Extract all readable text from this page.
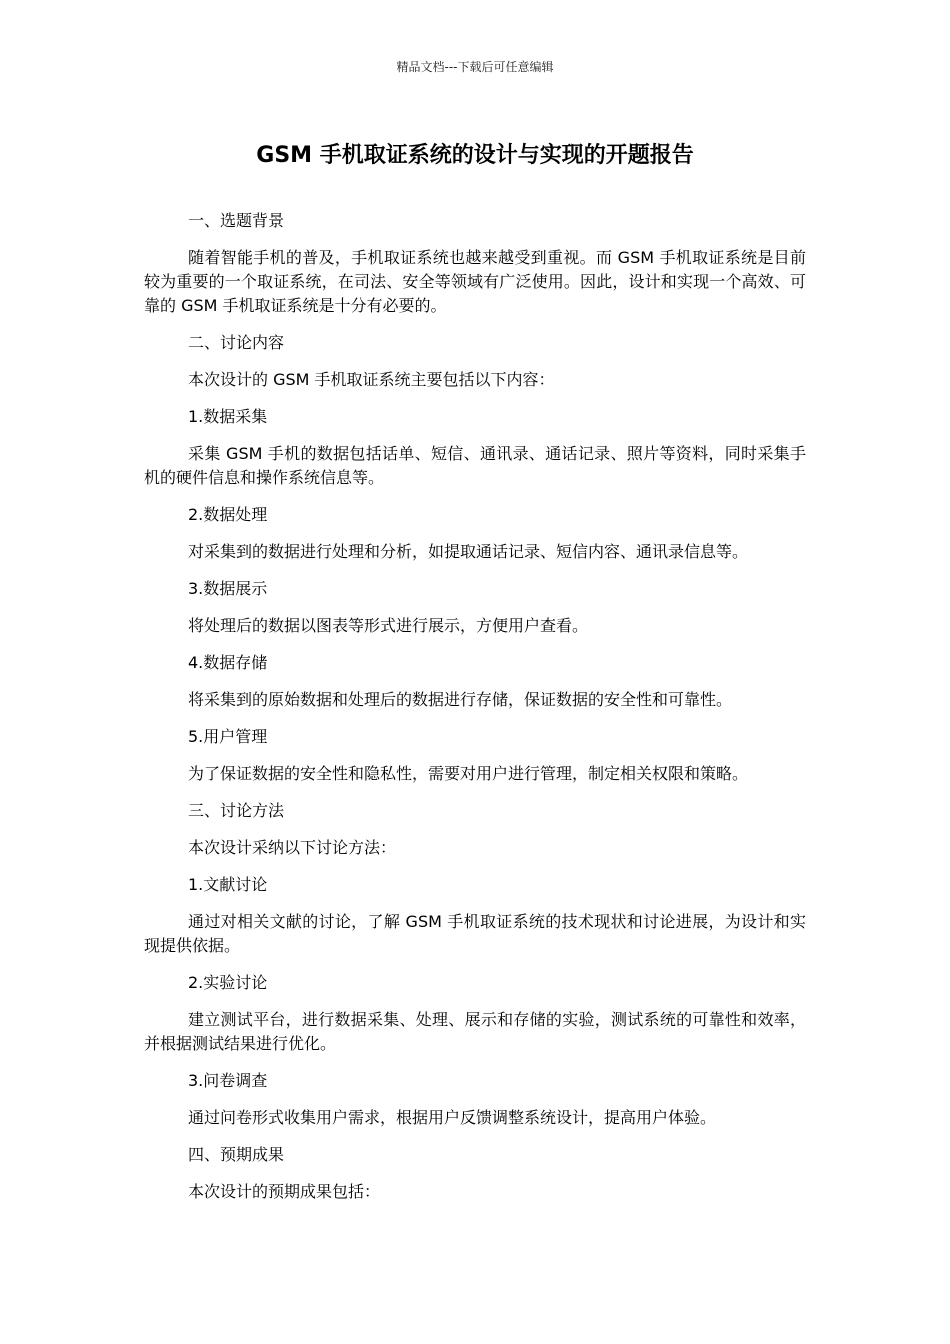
精品文档---下载后可任意编辑
GSM 手机取证系统的设计与实现的开题报告

一、选题背景

随着智能手机的普及，手机取证系统也越来越受到重视。而 GSM 手机取证系统是目前较为重要的一个取证系统，在司法、安全等领域有广泛使用。因此，设计和实现一个高效、可靠的 GSM 手机取证系统是十分有必要的。

二、讨论内容

本次设计的 GSM 手机取证系统主要包括以下内容：

1.数据采集

采集 GSM 手机的数据包括话单、短信、通讯录、通话记录、照片等资料，同时采集手机的硬件信息和操作系统信息等。

2.数据处理

对采集到的数据进行处理和分析，如提取通话记录、短信内容、通讯录信息等。

3.数据展示

将处理后的数据以图表等形式进行展示，方便用户查看。

4.数据存储

将采集到的原始数据和处理后的数据进行存储，保证数据的安全性和可靠性。

5.用户管理

为了保证数据的安全性和隐私性，需要对用户进行管理，制定相关权限和策略。

三、讨论方法

本次设计采纳以下讨论方法：

1.文献讨论

通过对相关文献的讨论，了解 GSM 手机取证系统的技术现状和讨论进展，为设计和实现提供依据。

2.实验讨论

建立测试平台，进行数据采集、处理、展示和存储的实验，测试系统的可靠性和效率，并根据测试结果进行优化。

3.问卷调查

通过问卷形式收集用户需求，根据用户反馈调整系统设计，提高用户体验。

四、预期成果

本次设计的预期成果包括：
